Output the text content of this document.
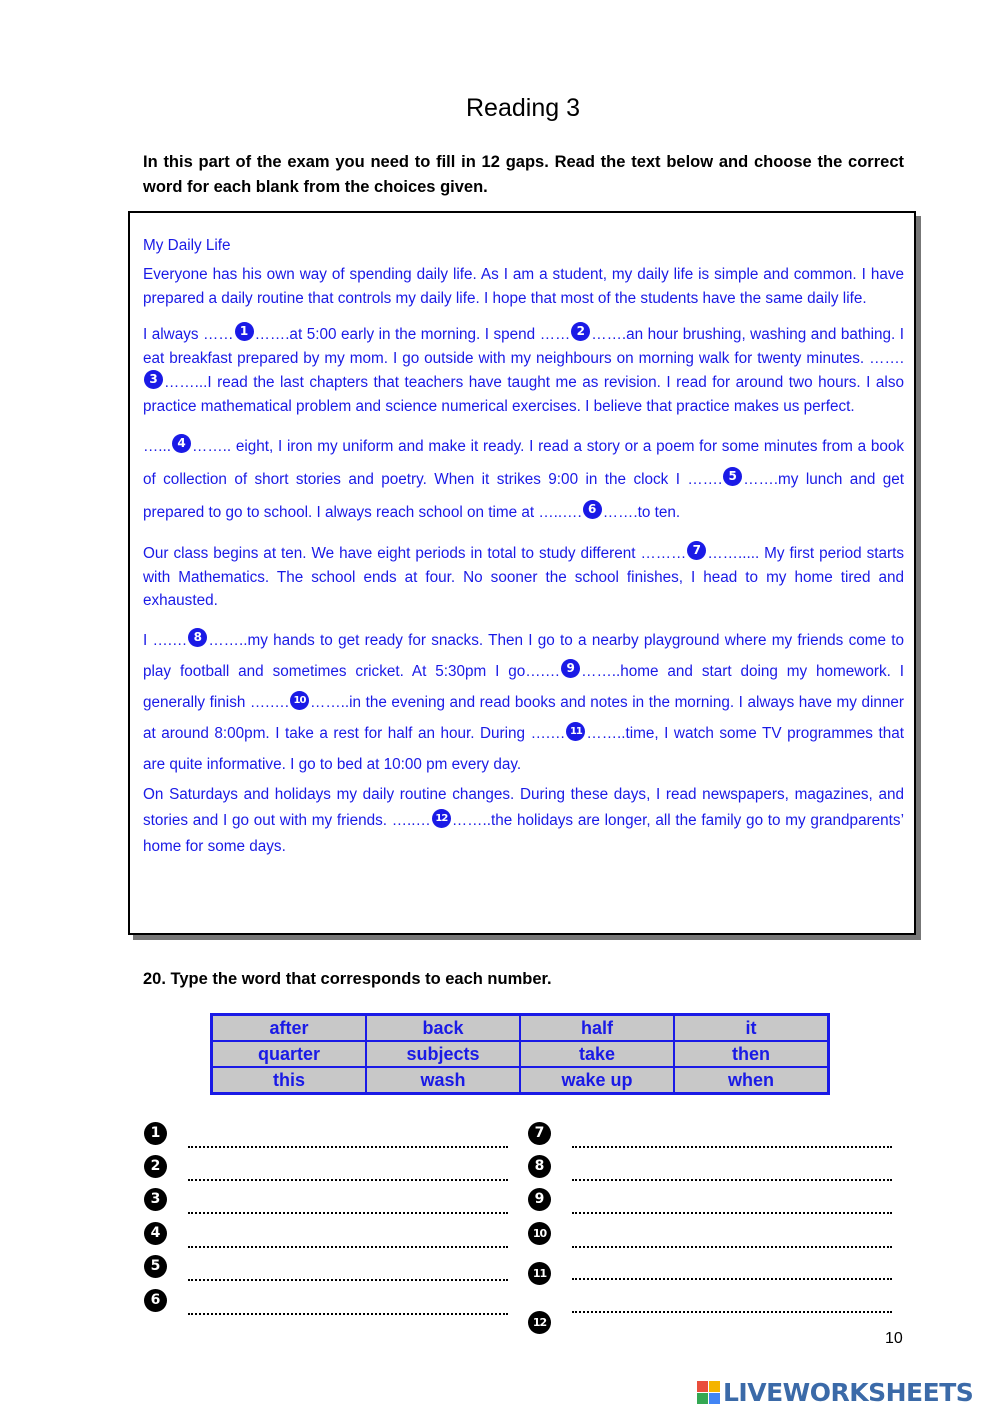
Reading 3
In this part of the exam you need to fill in 12 gaps. Read the text below and choose the correct word for each blank from the choices given.
My Daily Life

Everyone has his own way of spending daily life. As I am a student, my daily life is simple and common. I have prepared a daily routine that controls my daily life. I hope that most of the students have the same daily life.

I always …… 1 …….at 5:00 early in the morning. I spend …… 2 …….an hour brushing, washing and bathing. I eat breakfast prepared by my mom. I go outside with my neighbours on morning walk for twenty minutes. …….3 ……...I read the last chapters that teachers have taught me as revision. I read for around two hours. I also practice mathematical problem and science numerical exercises. I believe that practice makes us perfect.

…... 4 …….. eight, I iron my uniform and make it ready. I read a story or a poem for some minutes from a book of collection of short stories and poetry. When it strikes 9:00 in the clock I ……. 5 …….my lunch and get prepared to go to school. I always reach school on time at …..…. 6 …….to ten.

Our class begins at ten. We have eight periods in total to study different ……… 7 ……..... My first period starts with Mathematics. The school ends at four. No sooner the school finishes, I head to my home tired and exhausted.

I ….… 8 ……..my hands to get ready for snacks. Then I go to a nearby playground where my friends come to play football and sometimes cricket. At 5:30pm I go….… 9 ……..home and start doing my homework. I generally finish ….…. 10 ……..in the evening and read books and notes in the morning. I always have my dinner at around 8:00pm. I take a rest for half an hour. During ….… 11 ……..time, I watch some TV programmes that are quite informative. I go to bed at 10:00 pm every day.

On Saturdays and holidays my daily routine changes. During these days, I read newspapers, magazines, and stories and I go out with my friends. …..… 12 ……..the holidays are longer, all the family go to my grandparents’ home for some days.

20. Type the word that corresponds to each number.
after	back	half	it
quarter	subjects	take	then
this	wash	wake up	when
1
2
3
4
5
6
7
8
9
10
11
12
10
LIVEWORKSHEETS
